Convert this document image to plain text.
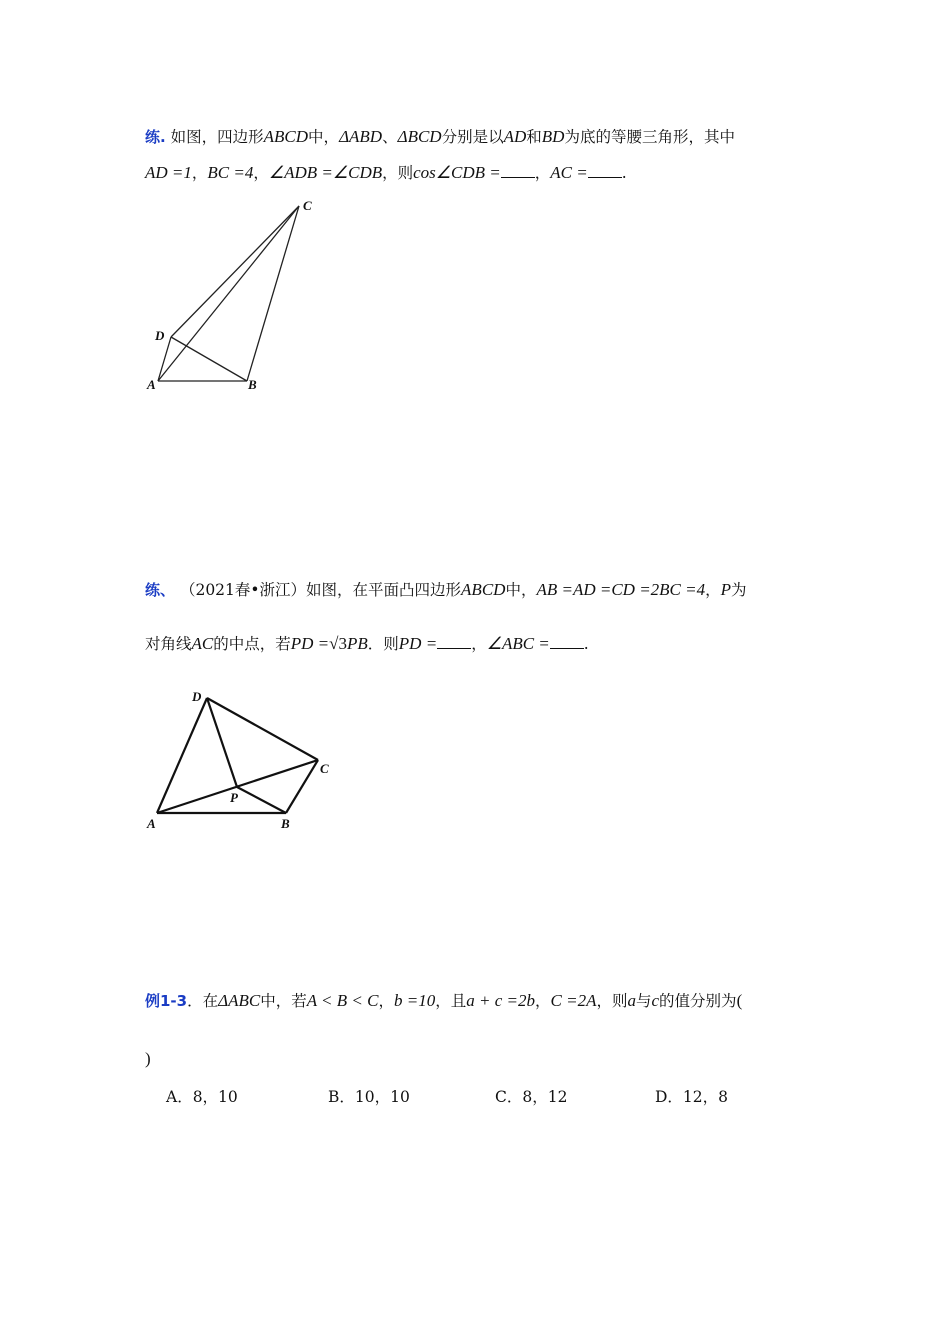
练. 如图，四边形ABCD中，ΔABD、ΔBCD分别是以AD和BD为底的等腰三角形，其中
AD =1，BC =4，∠ADB =∠CDB，则cos∠CDB = ，AC = .
C
D
A	B
练、 （2021春•浙江）如图，在平面凸四边形ABCD中，AB =AD =CD =2BC =4，P为
对角线AC的中点，若PD =√3PB．则PD = ，∠ABC = .
D
C
P
A	B
例1-3．在ΔABC中，若A < B < C，b =10，且a + c =2b，C =2A，则a与c的值分别为(
)
A．8，10	B．10，10	C．8，12	D．12，8
